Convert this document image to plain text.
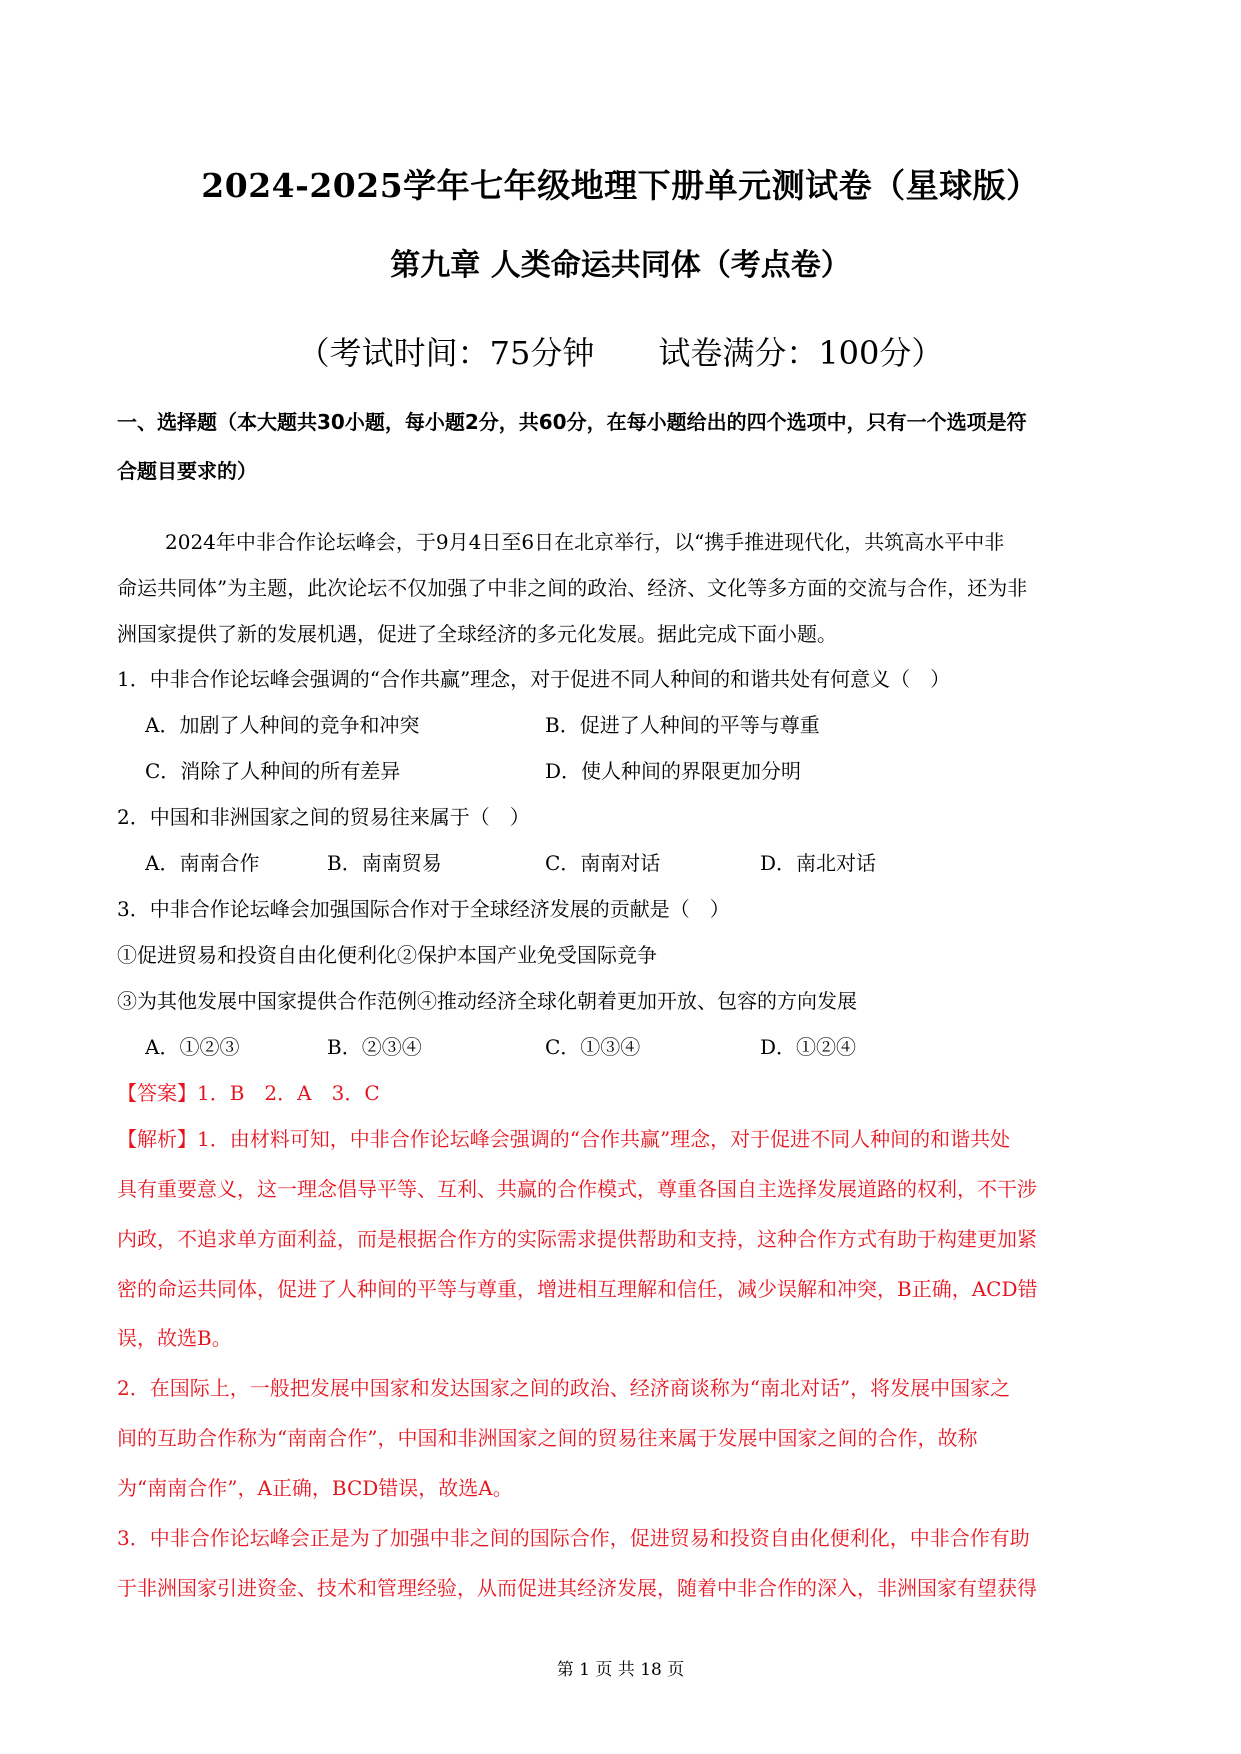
2024-2025学年七年级地理下册单元测试卷（星球版）
第九章 人类命运共同体（考点卷）
（考试时间：75分钟　　试卷满分：100分）
一、选择题（本大题共30小题，每小题2分，共60分，在每小题给出的四个选项中，只有一个选项是符
合题目要求的）
2024年中非合作论坛峰会，于9月4日至6日在北京举行，以“携手推进现代化，共筑高水平中非
命运共同体”为主题，此次论坛不仅加强了中非之间的政治、经济、文化等多方面的交流与合作，还为非
洲国家提供了新的发展机遇，促进了全球经济的多元化发展。据此完成下面小题。
1．中非合作论坛峰会强调的“合作共赢”理念，对于促进不同人种间的和谐共处有何意义（　）
A．加剧了人种间的竞争和冲突	B．促进了人种间的平等与尊重
C．消除了人种间的所有差异	D．使人种间的界限更加分明
2．中国和非洲国家之间的贸易往来属于（　）
A．南南合作	B．南南贸易	C．南南对话	D．南北对话
3．中非合作论坛峰会加强国际合作对于全球经济发展的贡献是（　）
①促进贸易和投资自由化便利化②保护本国产业免受国际竞争
③为其他发展中国家提供合作范例④推动经济全球化朝着更加开放、包容的方向发展
A．①②③	B．②③④	C．①③④	D．①②④
【答案】1．B　2．A　3．C
【解析】1．由材料可知，中非合作论坛峰会强调的“合作共赢”理念，对于促进不同人种间的和谐共处
具有重要意义，这一理念倡导平等、互利、共赢的合作模式，尊重各国自主选择发展道路的权利，不干涉
内政，不追求单方面利益，而是根据合作方的实际需求提供帮助和支持，这种合作方式有助于构建更加紧
密的命运共同体，促进了人种间的平等与尊重，增进相互理解和信任，减少误解和冲突，B正确，ACD错
误，故选B。
2．在国际上，一般把发展中国家和发达国家之间的政治、经济商谈称为“南北对话”，将发展中国家之
间的互助合作称为“南南合作”，中国和非洲国家之间的贸易往来属于发展中国家之间的合作，故称
为“南南合作”，A正确，BCD错误，故选A。
3．中非合作论坛峰会正是为了加强中非之间的国际合作，促进贸易和投资自由化便利化，中非合作有助
于非洲国家引进资金、技术和管理经验，从而促进其经济发展，随着中非合作的深入，非洲国家有望获得
第 1 页 共 18 页
